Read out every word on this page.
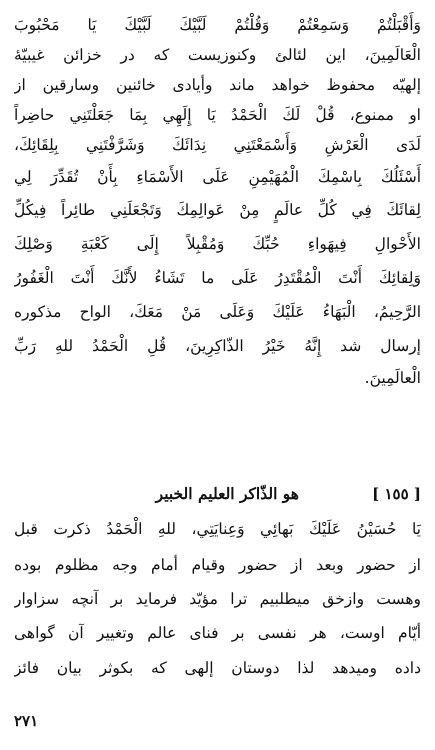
وَأَقْبَلْتُمْ وَسَمِعْتُمْ وَقُلْتُمْ لَبَّيْكَ لَبَّيْكَ يَا مَحْبُوبَ
الْعَالَمِينَ، اين لئالئ وكنوزيست كه در خزائن غيبيّهٔ
إلهيّه محفوظ خواهد ماند وأيادی خائنين وسارقين از
او ممنوع، قُلْ لَكَ الْحَمْدُ يَا إِلَهِي بِمَا جَعَلْتَنِي حاضِراً
لَدَى الْعَرْشِ وَأَسْمَعْتَنِي نِدَائَكَ وَشَرَّفْتَنِي بِلِقَائِكَ،
أَسْئَلُكَ بِاسْمِكَ الْمُهَيْمِنِ عَلَى الأَسْمَاءِ بِأَنْ تُقَدِّرَ لِي
لِقائَكَ فِي كُلِّ عالَمٍ مِنْ عَوالِمِكَ وَتَجْعَلَنِي طائِراً فِيكُلِّ
الأَحْوالِ فِيهَواءِ حُبِّكَ وَمُقْبِلاً إِلَى كَعْبَةِ وَصْلِكَ
وَلِقائِكَ أَنْتَ الْمُقْتَدِرُ عَلَى ما تَشَاءُ لأَنَّكَ أَنْتَ الْغَفُورُ
الرَّحِيمُ، الْبَهَاءُ عَلَيْكَ وَعَلَى مَنْ مَعَكَ، الواح مذكوره
إرسال شد إِنَّهُ خَيْرُ الذّاكِرِينَ، قُلِ الْحَمْدُ للهِ رَبِّ
الْعالَمِينَ.
[ ١٥٥ ]
هو الذّاكر العليم الخبير
يَا حُسَيْنُ عَلَيْكَ بَهائِي وَعِنايَتِي، للهِ الْحَمْدُ ذكرت قبل
از حضور وبعد از حضور وقيام أمام وجه مظلوم بوده
وهست وازخق ميطلبيم ترا مؤيّد فرمايد بر آنچه سزاوار
أيّام اوست، هر نفسى بر فناى عالم وتغيير آن گواهى
داده وميدهد لذا دوستان إلهى كه بكوثر بيان فائز
٢٧١
